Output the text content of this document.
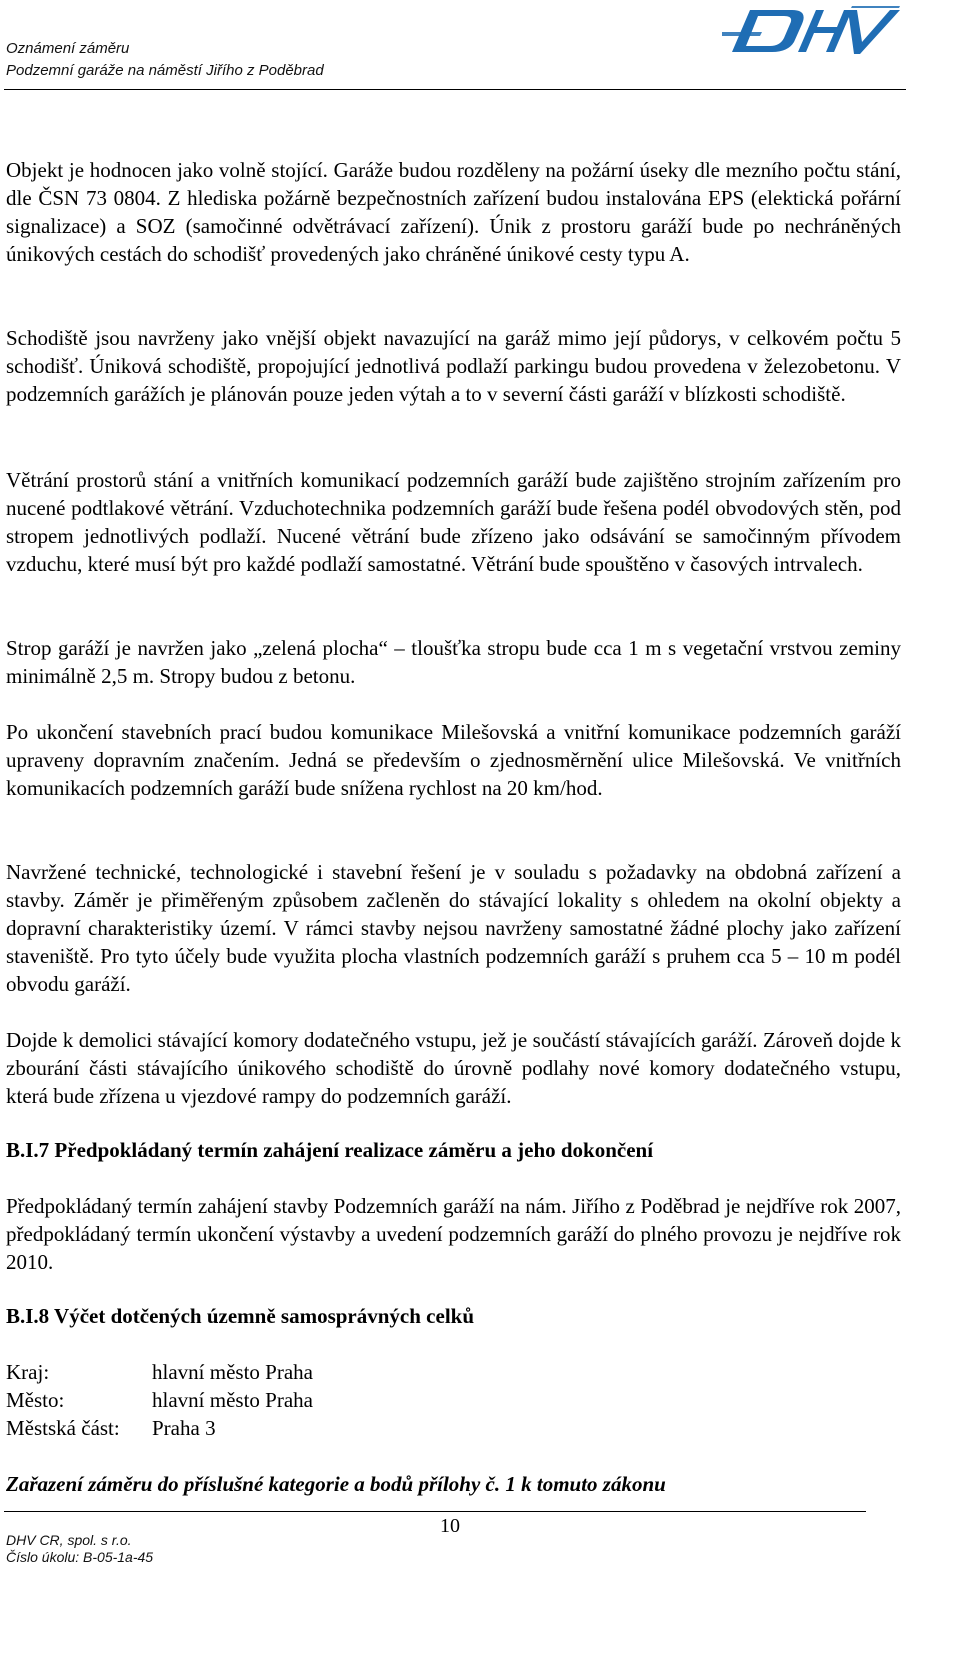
Oznámení záměru
Podzemní garáže na náměstí Jiřího z Poděbrad

Objekt je hodnocen jako volně stojící. Garáže budou rozděleny na požární úseky dle mezního počtu stání, dle ČSN 73 0804. Z hlediska požárně bezpečnostních zařízení budou instalována EPS (elektická pořární signalizace) a SOZ (samočinné odvětrávací zařízení). Únik z prostoru garáží bude po nechráněných únikových cestách do schodišť provedených jako chráněné únikové cesty typu A.

Schodiště jsou navrženy jako vnější objekt navazující na garáž mimo její půdorys, v celkovém počtu 5 schodišť. Úniková schodiště, propojující jednotlivá podlaží parkingu budou provedena v železobetonu. V podzemních garážích je plánován pouze jeden výtah a to v severní části garáží v blízkosti schodiště.

Větrání prostorů stání a vnitřních komunikací podzemních garáží bude zajištěno strojním zařízením pro nucené podtlakové větrání. Vzduchotechnika podzemních garáží bude řešena podél obvodových stěn, pod stropem jednotlivých podlaží. Nucené větrání bude zřízeno jako odsávání se samočinným přívodem vzduchu, které musí být pro každé podlaží samostatné. Větrání bude spouštěno v časových intrvalech.

Strop garáží je navržen jako „zelená plocha“ – tloušťka stropu bude cca 1 m s vegetační vrstvou zeminy minimálně 2,5 m. Stropy budou z betonu.

Po ukončení stavebních prací budou komunikace Milešovská a vnitřní komunikace podzemních garáží upraveny dopravním značením. Jedná se především o zjednosměrnění ulice Milešovská. Ve vnitřních komunikacích podzemních garáží bude snížena rychlost na 20 km/hod.

Navržené technické, technologické i stavební řešení je v souladu s požadavky na obdobná zařízení a stavby. Záměr je přiměřeným způsobem začleněn do stávající lokality s ohledem na okolní objekty a dopravní charakteristiky území. V rámci stavby nejsou navrženy samostatné žádné plochy jako zařízení staveniště. Pro tyto účely bude využita plocha vlastních podzemních garáží s pruhem cca 5 – 10 m podél obvodu garáží.

Dojde k demolici stávající komory dodatečného vstupu, jež je součástí stávajících garáží. Zároveň dojde k zbourání části stávajícího únikového schodiště do úrovně podlahy nové komory dodatečného vstupu, která bude zřízena u vjezdové rampy do podzemních garáží.

B.I.7 Předpokládaný termín zahájení realizace záměru a jeho dokončení

Předpokládaný termín zahájení stavby Podzemních garáží na nám. Jiřího z Poděbrad je nejdříve rok 2007, předpokládaný termín ukončení výstavby a uvedení podzemních garáží do plného provozu je nejdříve rok 2010.

B.I.8 Výčet dotčených územně samosprávných celků
Kraj:	hlavní město Praha
Město:	hlavní město Praha
Městská část: Praha 3
Zařazení záměru do příslušné kategorie a bodů přílohy č. 1 k tomuto zákonu
10
DHV CR, spol. s r.o.
Číslo úkolu: B-05-1a-45
